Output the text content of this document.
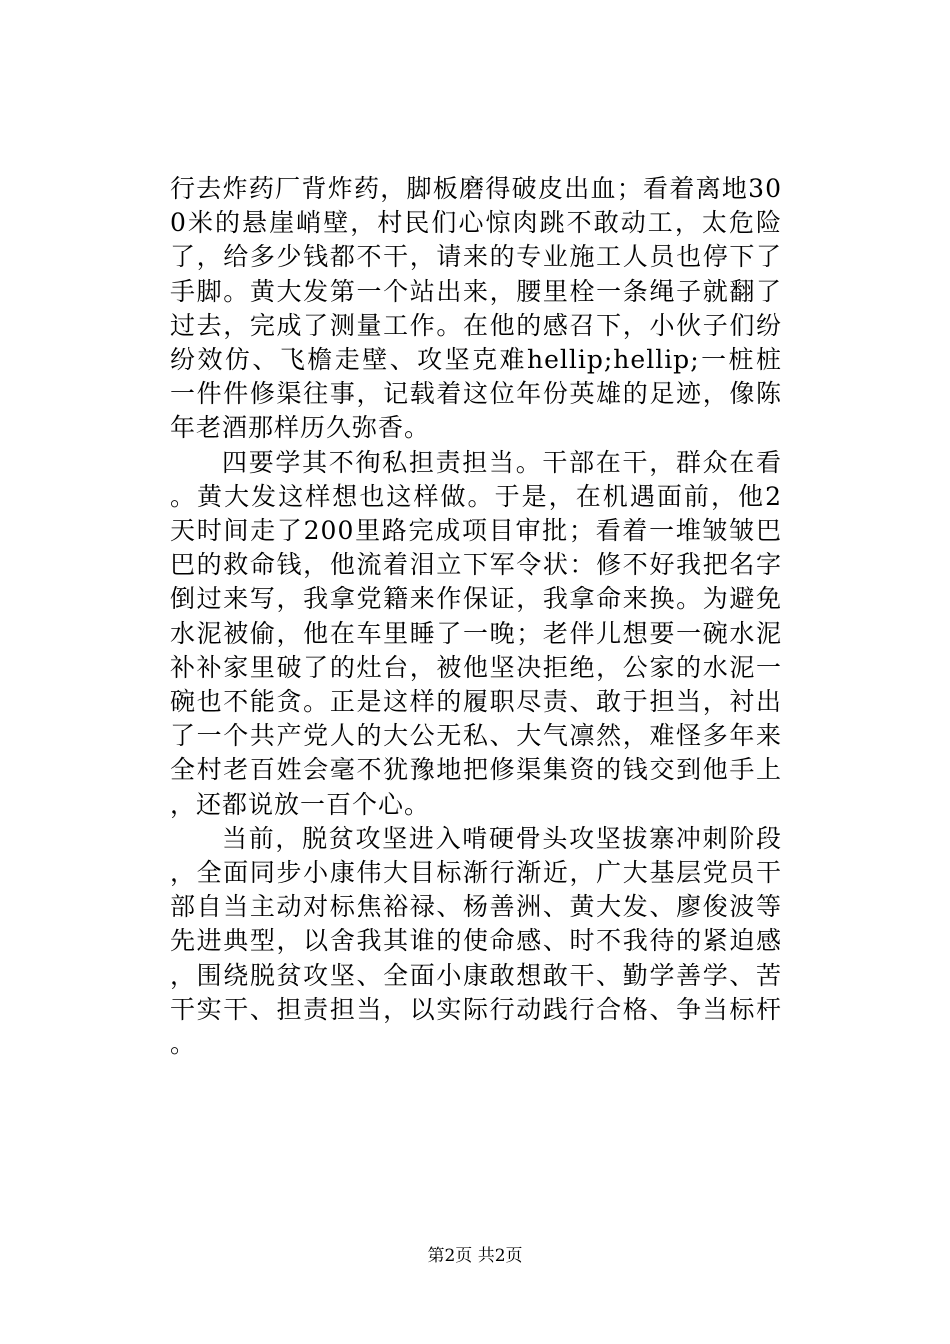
行去炸药厂背炸药，脚板磨得破皮出血；看着离地300米的悬崖峭壁，村民们心惊肉跳不敢动工，太危险了，给多少钱都不干，请来的专业施工人员也停下了手脚。黄大发第一个站出来，腰里栓一条绳子就翻了过去，完成了测量工作。在他的感召下，小伙子们纷纷效仿、飞檐走壁、攻坚克难hellip;hellip;一桩桩一件件修渠往事，记载着这位年份英雄的足迹，像陈年老酒那样历久弥香。

四要学其不徇私担责担当。干部在干，群众在看。黄大发这样想也这样做。于是，在机遇面前，他2天时间走了200里路完成项目审批；看着一堆皱皱巴巴的救命钱，他流着泪立下军令状：修不好我把名字倒过来写，我拿党籍来作保证，我拿命来换。为避免水泥被偷，他在车里睡了一晚；老伴儿想要一碗水泥补补家里破了的灶台，被他坚决拒绝，公家的水泥一碗也不能贪。正是这样的履职尽责、敢于担当，衬出了一个共产党人的大公无私、大气凛然，难怪多年来全村老百姓会毫不犹豫地把修渠集资的钱交到他手上，还都说放一百个心。

当前，脱贫攻坚进入啃硬骨头攻坚拔寨冲刺阶段，全面同步小康伟大目标渐行渐近，广大基层党员干部自当主动对标焦裕禄、杨善洲、黄大发、廖俊波等先进典型，以舍我其谁的使命感、时不我待的紧迫感，围绕脱贫攻坚、全面小康敢想敢干、勤学善学、苦干实干、担责担当，以实际行动践行合格、争当标杆。

第2页 共2页
